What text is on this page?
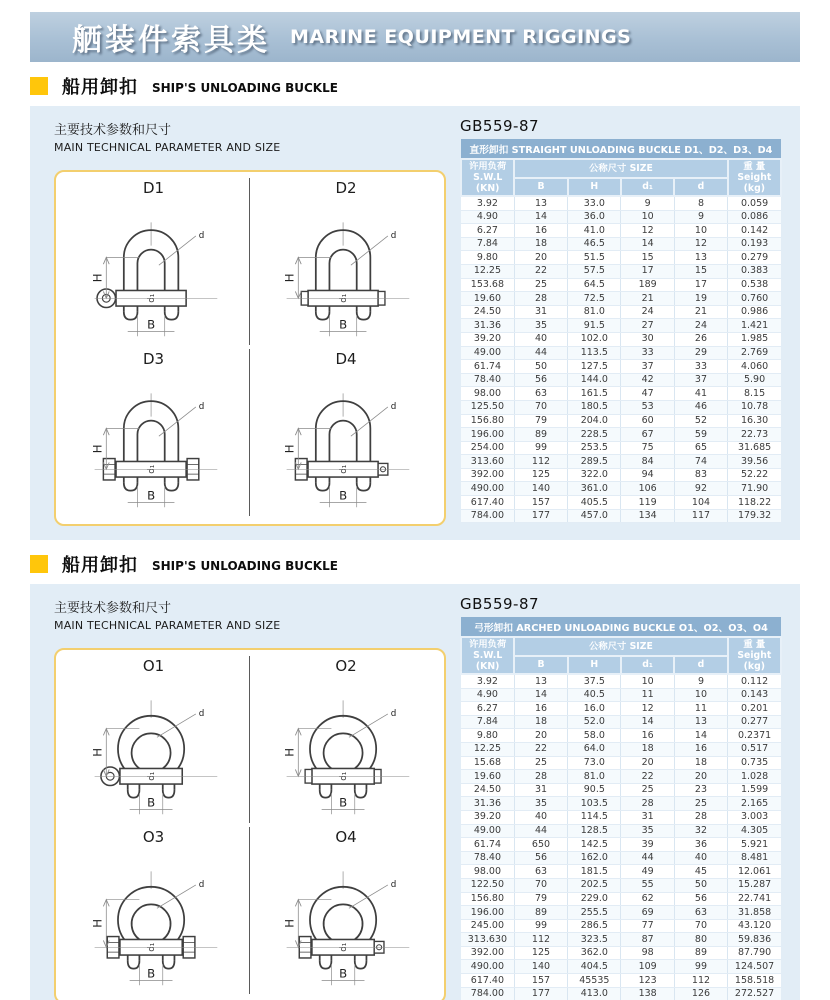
舾装件索具类 MARINE EQUIPMENT RIGGINGS
船用卸扣 SHIP'S UNLOADING BUCKLE
主要技术参数和尺寸
MAIN TECHNICAL PARAMETER AND SIZE
D1
d₁
H
B
d
D2
d₁
H
B
d
D3
d₁
H
B
d
D4
d₁
H
B
d
GB559-87
直形卸扣 STRAIGHT UNLOADING BUCKLE D1、D2、D3、D4					

许用负荷
S.W.L
(KN)
	公称尺寸 SIZE	重 量
Seight
(kg)

	B	H	d₁	d	
3.92	13	33.0	9	8	0.059
4.90	14	36.0	10	9	0.086
6.27	16	41.0	12	10	0.142
7.84	18	46.5	14	12	0.193
9.80	20	51.5	15	13	0.279
12.25	22	57.5	17	15	0.383
153.68	25	64.5	189	17	0.538
19.60	28	72.5	21	19	0.760
24.50	31	81.0	24	21	0.986
31.36	35	91.5	27	24	1.421
39.20	40	102.0	30	26	1.985
49.00	44	113.5	33	29	2.769
61.74	50	127.5	37	33	4.060
78.40	56	144.0	42	37	5.90
98.00	63	161.5	47	41	8.15
125.50	70	180.5	53	46	10.78
156.80	79	204.0	60	52	16.30
196.00	89	228.5	67	59	22.73
254.00	99	253.5	75	65	31.685
313.60	112	289.5	84	74	39.56
392.00	125	322.0	94	83	52.22
490.00	140	361.0	106	92	71.90
617.40	157	405.5	119	104	118.22
784.00	177	457.0	134	117	179.32
船用卸扣 SHIP'S UNLOADING BUCKLE
主要技术参数和尺寸
MAIN TECHNICAL PARAMETER AND SIZE
O1
d₁
H
B
d
O2
d₁
H
B
d
O3
d₁
H
B
d
O4
d₁
H
B
d
GB559-87
弓形卸扣 ARCHED UNLOADING BUCKLE O1、O2、O3、O4					

许用负荷
S.W.L
(KN)
	公称尺寸 SIZE	重 量
Seight
(kg)

	B	H	d₁	d	
3.92	13	37.5	10	9	0.112
4.90	14	40.5	11	10	0.143
6.27	16	16.0	12	11	0.201
7.84	18	52.0	14	13	0.277
9.80	20	58.0	16	14	0.2371
12.25	22	64.0	18	16	0.517
15.68	25	73.0	20	18	0.735
19.60	28	81.0	22	20	1.028
24.50	31	90.5	25	23	1.599
31.36	35	103.5	28	25	2.165
39.20	40	114.5	31	28	3.003
49.00	44	128.5	35	32	4.305
61.74	650	142.5	39	36	5.921
78.40	56	162.0	44	40	8.481
98.00	63	181.5	49	45	12.061
122.50	70	202.5	55	50	15.287
156.80	79	229.0	62	56	22.741
196.00	89	255.5	69	63	31.858
245.00	99	286.5	77	70	43.120
313.630	112	323.5	87	80	59.836
392.00	125	362.0	98	89	87.790
490.00	140	404.5	109	99	124.507
617.40	157	45535	123	112	158.518
784.00	177	413.0	138	126	272.527
